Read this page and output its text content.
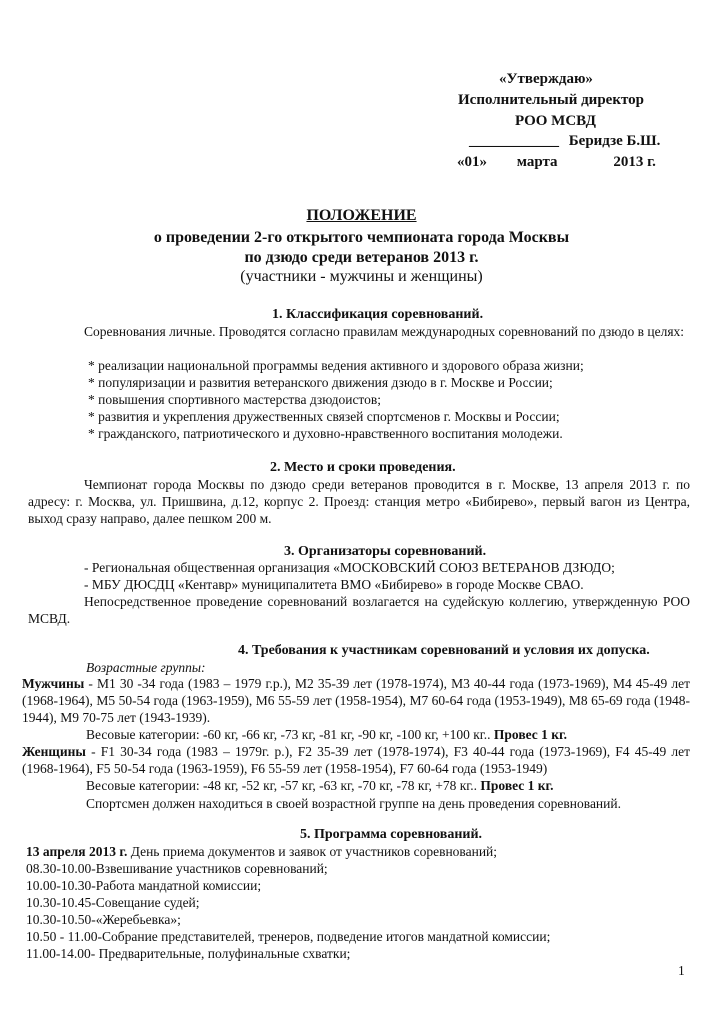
«Утверждаю»
Исполнительный директор
РОО МСВД
____________ Беридзе Б.Ш.
«01» марта	2013 г.
ПОЛОЖЕНИЕ
о проведении 2-го открытого чемпионата города Москвы
по дзюдо среди ветеранов 2013 г.
(участники - мужчины и женщины)
1. Классификация соревнований.
Соревнования личные. Проводятся согласно правилам международных соревнований по дзюдо в целях:
* реализации национальной программы ведения активного и здорового образа жизни;
* популяризации и развития ветеранского движения дзюдо в г. Москве и России;
* повышения спортивного мастерства дзюдоистов;
* развития и укрепления дружественных связей спортсменов г. Москвы и России;
* гражданского, патриотического и духовно-нравственного воспитания молодежи.
2. Место и сроки проведения.
Чемпионат города Москвы по дзюдо среди ветеранов проводится в г. Москве, 13 апреля 2013 г. по адресу: г. Москва, ул. Пришвина, д.12, корпус 2. Проезд: станция метро «Бибирево», первый вагон из Центра, выход сразу направо, далее пешком 200 м.
3. Организаторы соревнований.
- Региональная общественная организация «МОСКОВСКИЙ СОЮЗ ВЕТЕРАНОВ ДЗЮДО;
- МБУ ДЮСДЦ «Кентавр» муниципалитета ВМО «Бибирево» в городе Москве СВАО.
Непосредственное проведение соревнований возлагается на судейскую коллегию, утвержденную РОО МСВД.
4. Требования к участникам соревнований и условия их допуска.
Возрастные группы:
Мужчины - М1 30 -34 года (1983 – 1979 г.р.), М2 35-39 лет (1978-1974), М3 40-44 года (1973-1969), М4 45-49 лет (1968-1964), М5 50-54 года (1963-1959), М6 55-59 лет (1958-1954), М7 60-64 года (1953-1949), М8 65-69 года (1948-1944), М9 70-75 лет (1943-1939).
Весовые категории: -60 кг, -66 кг, -73 кг, -81 кг, -90 кг, -100 кг, +100 кг.. Провес 1 кг.
Женщины - F1 30-34 года (1983 – 1979г. р.), F2 35-39 лет (1978-1974), F3 40-44 года (1973-1969), F4 45-49 лет (1968-1964), F5 50-54 года (1963-1959), F6 55-59 лет (1958-1954), F7 60-64 года (1953-1949)
Весовые категории: -48 кг, -52 кг, -57 кг, -63 кг, -70 кг, -78 кг, +78 кг.. Провес 1 кг.
Спортсмен должен находиться в своей возрастной группе на день проведения соревнований.
5. Программа соревнований.
13 апреля 2013 г. День приема документов и заявок от участников соревнований;
08.30-10.00-Взвешивание участников соревнований;
10.00-10.30-Работа мандатной комиссии;
10.30-10.45-Совещание судей;
10.30-10.50-«Жеребьевка»;
10.50 - 11.00-Собрание представителей, тренеров, подведение итогов мандатной комиссии;
11.00-14.00- Предварительные, полуфинальные схватки;
1
